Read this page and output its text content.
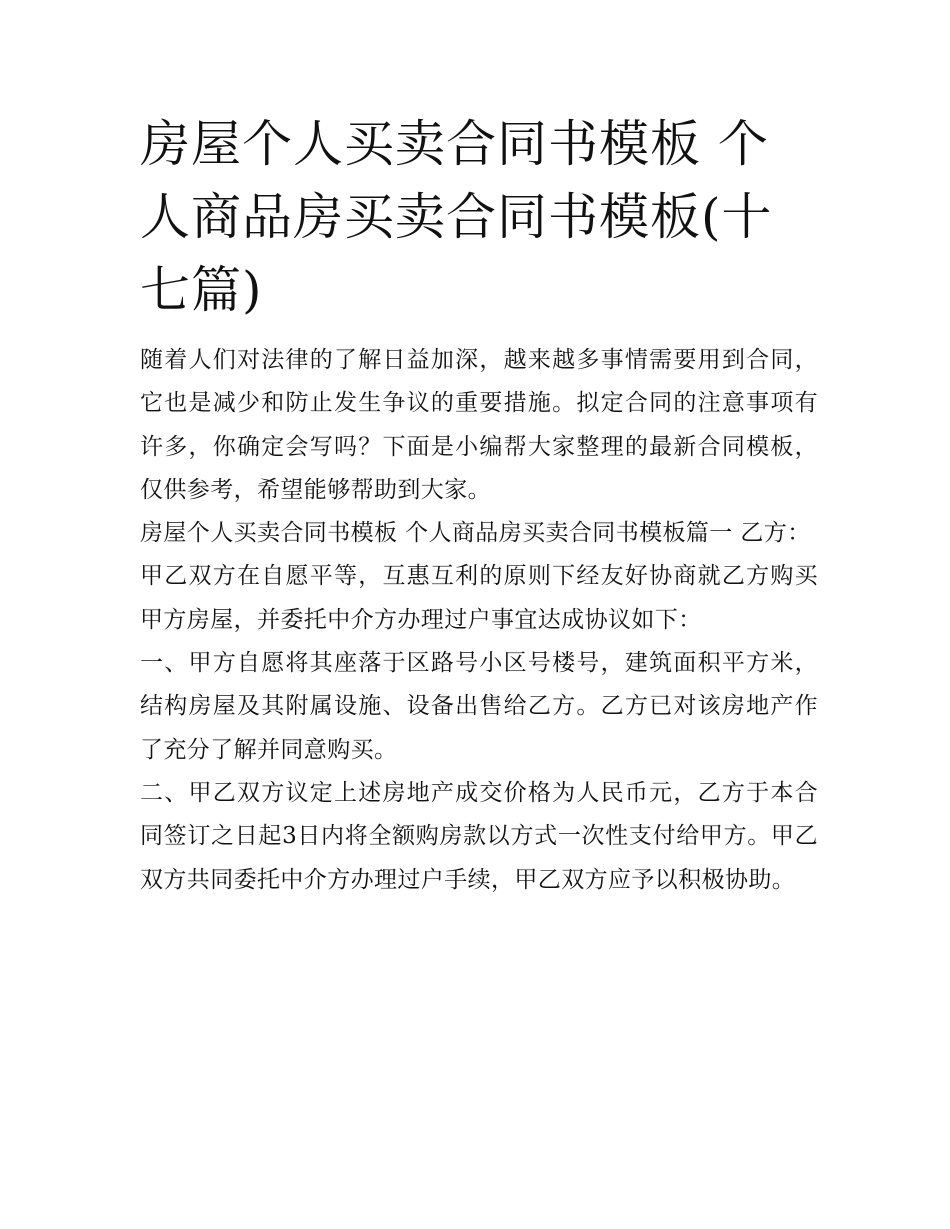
房屋个人买卖合同书模板 个人商品房买卖合同书模板(十七篇)

随着人们对法律的了解日益加深，越来越多事情需要用到合同，它也是减少和防止发生争议的重要措施。拟定合同的注意事项有许多，你确定会写吗？下面是小编帮大家整理的最新合同模板，仅供参考，希望能够帮助到大家。

房屋个人买卖合同书模板 个人商品房买卖合同书模板篇一 乙方：

甲乙双方在自愿平等，互惠互利的原则下经友好协商就乙方购买甲方房屋，并委托中介方办理过户事宜达成协议如下：

一、甲方自愿将其座落于区路号小区号楼号，建筑面积平方米，结构房屋及其附属设施、设备出售给乙方。乙方已对该房地产作了充分了解并同意购买。

二、甲乙双方议定上述房地产成交价格为人民币元，乙方于本合同签订之日起3日内将全额购房款以方式一次性支付给甲方。甲乙双方共同委托中介方办理过户手续，甲乙双方应予以积极协助。
